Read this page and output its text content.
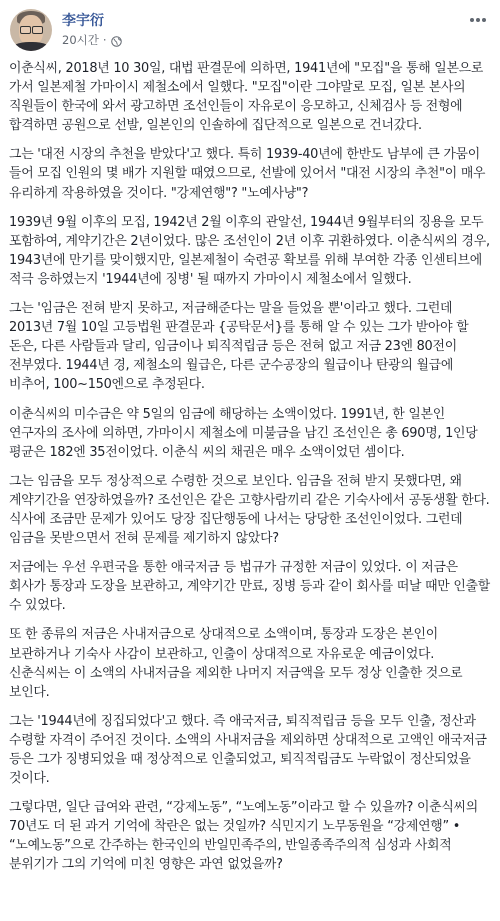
李宇衍
20시간 ·

이춘식씨, 2018년 10 30일, 대법 판결문에 의하면, 1941년에 "모집"을 통해 일본으로 가서 일본제철 가마이시 제철소에서 일했다. "모집"이란 그야말로 모집, 일본 본사의 직원들이 한국에 와서 광고하면 조선인들이 자유로이 응모하고, 신체검사 등 전형에 합격하면 공원으로 선발, 일본인의 인솔하에 집단적으로 일본으로 건너갔다.

그는 '대전 시장의 추천을 받았다'고 했다. 특히 1939-40년에 한반도 남부에 큰 가뭄이 들어 모집 인원의 몇 배가 지원할 때였으므로, 선발에 있어서 "대전 시장의 추천"이 매우 유리하게 작용하였을 것이다. "강제연행"? "노예사냥"?

1939년 9월 이후의 모집, 1942년 2월 이후의 관알선, 1944년 9월부터의 징용을 모두 포함하여, 계약기간은 2년이었다. 많은 조선인이 2년 이후 귀환하였다. 이춘식씨의 경우, 1943년에 만기를 맞이했지만, 일본제철이 숙련공 확보를 위해 부여한 각종 인센티브에 적극 응하였는지 '1944년에 징병' 될 때까지 가마이시 제철소에서 일했다.

그는 '임금은 전혀 받지 못하고, 저금해준다는 말을 들었을 뿐'이라고 했다. 그런데 2013년 7월 10일 고등법원 판결문과 {공탁문서}를 통해 알 수 있는 그가 받아야 할 돈은, 다른 사람들과 달리, 임금이나 퇴직적립금 등은 전혀 없고 저금 23엔 80전이 전부였다. 1944년 경, 제철소의 월급은, 다른 군수공장의 월급이나 탄광의 월급에 비추어, 100~150엔으로 추정된다.

이춘식씨의 미수금은 약 5일의 임금에 해당하는 소액이었다. 1991년, 한 일본인 연구자의 조사에 의하면, 가마이시 제철소에 미불금을 남긴 조선인은 총 690명, 1인당 평균은 182엔 35전이었다. 이춘식 씨의 채권은 매우 소액이었던 셈이다.

그는 임금을 모두 정상적으로 수령한 것으로 보인다. 임금을 전혀 받지 못했다면, 왜 계약기간을 연장하였을까? 조선인은 같은 고향사람끼리 같은 기숙사에서 공동생활 한다. 식사에 조금만 문제가 있어도 당장 집단행동에 나서는 당당한 조선인이었다. 그런데 임금을 못받으면서 전혀 문제를 제기하지 않았다?

저금에는 우선 우편국을 통한 애국저금 등 법규가 규정한 저금이 있었다. 이 저금은 회사가 통장과 도장을 보관하고, 계약기간 만료, 징병 등과 같이 회사를 떠날 때만 인출할 수 있었다.

또 한 종류의 저금은 사내저금으로 상대적으로 소액이며, 통장과 도장은 본인이 보관하거나 기숙사 사감이 보관하고, 인출이 상대적으로 자유로운 예금이었다. 신춘식씨는 이 소액의 사내저금을 제외한 나머지 저금액을 모두 정상 인출한 것으로 보인다.

그는 '1944년에 징집되었다'고 했다. 즉 애국저금, 퇴직적립금 등을 모두 인출, 정산과 수령할 자격이 주어진 것이다. 소액의 사내저금을 제외하면 상대적으로 고액인 애국저금 등은 그가 징병되었을 때 정상적으로 인출되었고, 퇴직적립금도 누락없이 정산되었을 것이다.

그렇다면, 일단 급여와 관련, “강제노동”, “노예노동”이라고 할 수 있을까? 이춘식씨의 70년도 더 된 과거 기억에 착란은 없는 것일까? 식민지기 노무동원을 “강제연행” • “노예노동”으로 간주하는 한국인의 반일민족주의, 반일종족주의적 심성과 사회적 분위기가 그의 기억에 미친 영향은 과연 없었을까?
